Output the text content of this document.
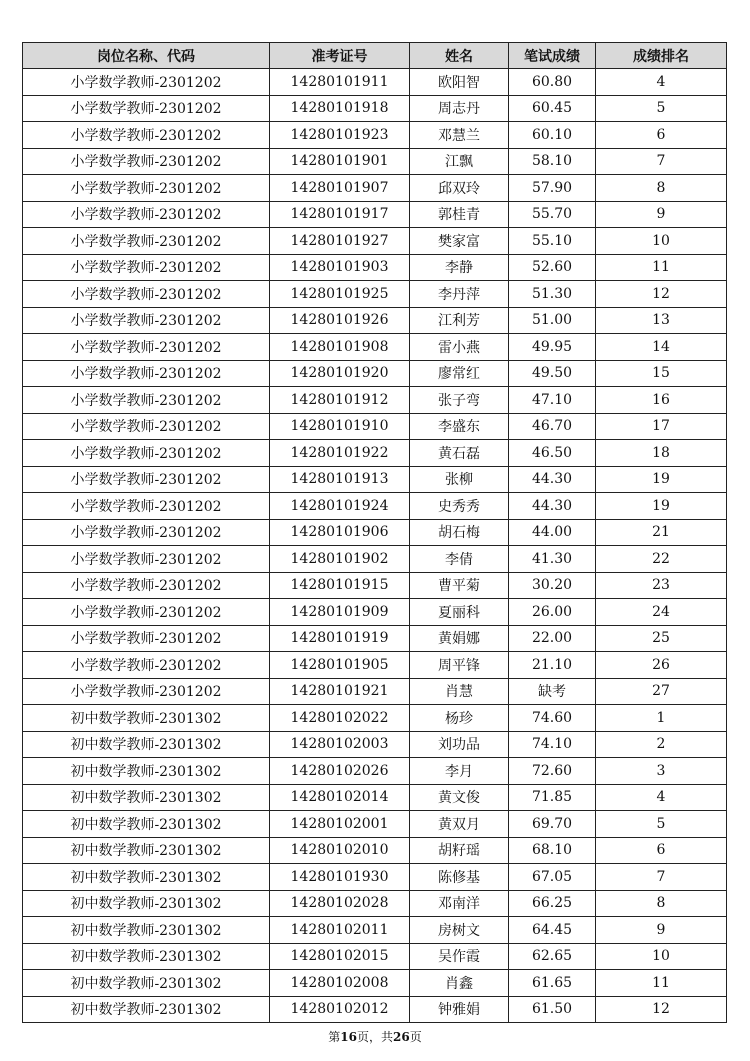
岗位名称、代码	准考证号	姓名	笔试成绩	成绩排名
小学数学教师-2301202	14280101911	欧阳智	60.80	4
小学数学教师-2301202	14280101918	周志丹	60.45	5
小学数学教师-2301202	14280101923	邓慧兰	60.10	6
小学数学教师-2301202	14280101901	江飘	58.10	7
小学数学教师-2301202	14280101907	邱双玲	57.90	8
小学数学教师-2301202	14280101917	郭桂青	55.70	9
小学数学教师-2301202	14280101927	樊家富	55.10	10
小学数学教师-2301202	14280101903	李静	52.60	11
小学数学教师-2301202	14280101925	李丹萍	51.30	12
小学数学教师-2301202	14280101926	江利芳	51.00	13
小学数学教师-2301202	14280101908	雷小燕	49.95	14
小学数学教师-2301202	14280101920	廖常红	49.50	15
小学数学教师-2301202	14280101912	张子弯	47.10	16
小学数学教师-2301202	14280101910	李盛东	46.70	17
小学数学教师-2301202	14280101922	黄石磊	46.50	18
小学数学教师-2301202	14280101913	张柳	44.30	19
小学数学教师-2301202	14280101924	史秀秀	44.30	19
小学数学教师-2301202	14280101906	胡石梅	44.00	21
小学数学教师-2301202	14280101902	李倩	41.30	22
小学数学教师-2301202	14280101915	曹平菊	30.20	23
小学数学教师-2301202	14280101909	夏丽科	26.00	24
小学数学教师-2301202	14280101919	黄娟娜	22.00	25
小学数学教师-2301202	14280101905	周平锋	21.10	26
小学数学教师-2301202	14280101921	肖慧	缺考	27
初中数学教师-2301302	14280102022	杨珍	74.60	1
初中数学教师-2301302	14280102003	刘功品	74.10	2
初中数学教师-2301302	14280102026	李月	72.60	3
初中数学教师-2301302	14280102014	黄文俊	71.85	4
初中数学教师-2301302	14280102001	黄双月	69.70	5
初中数学教师-2301302	14280102010	胡籽瑶	68.10	6
初中数学教师-2301302	14280101930	陈修基	67.05	7
初中数学教师-2301302	14280102028	邓南洋	66.25	8
初中数学教师-2301302	14280102011	房树文	64.45	9
初中数学教师-2301302	14280102015	吴作霞	62.65	10
初中数学教师-2301302	14280102008	肖鑫	61.65	11
初中数学教师-2301302	14280102012	钟雅娟	61.50	12
第16页，共26页
